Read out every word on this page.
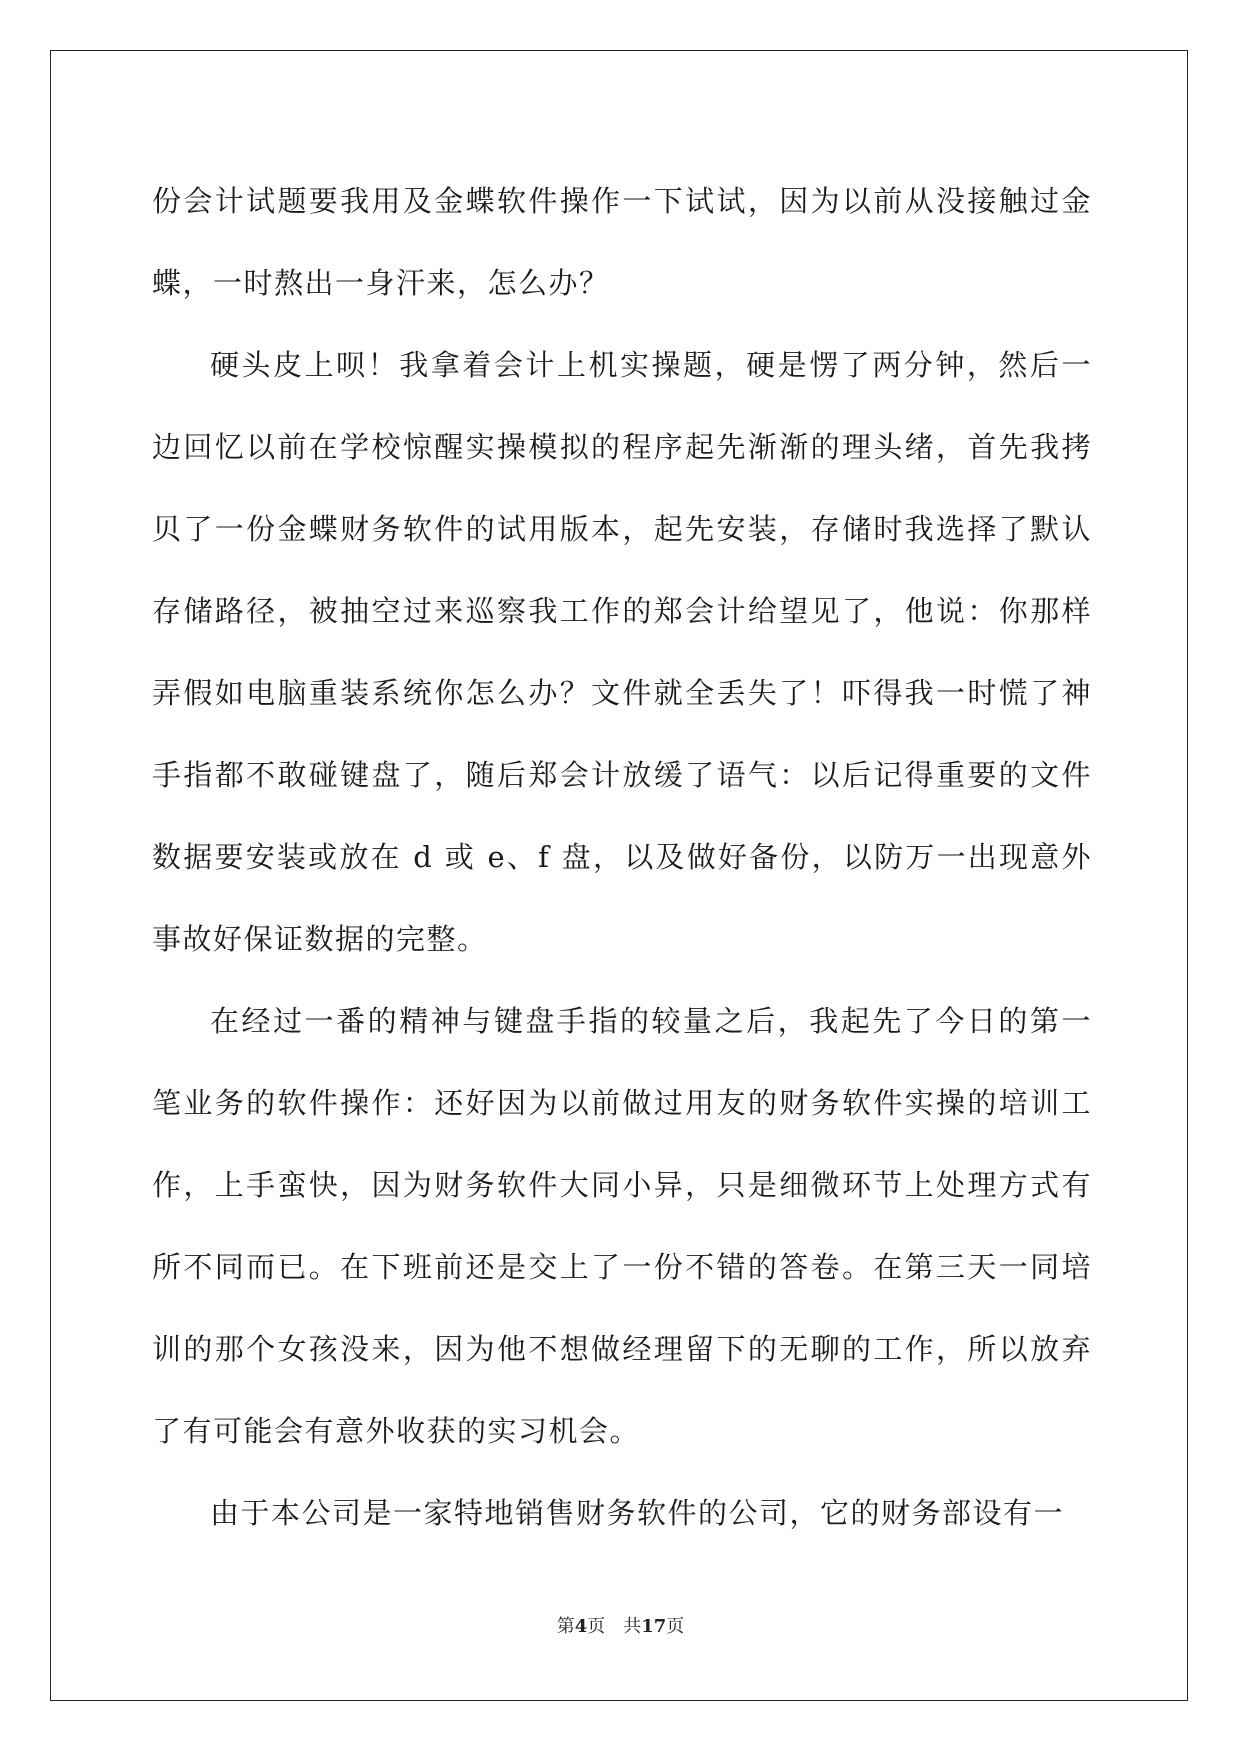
份会计试题要我用及金蝶软件操作一下试试，因为以前从没接触过金蝶，一时熬出一身汗来，怎么办？

硬头皮上呗！我拿着会计上机实操题，硬是愣了两分钟，然后一边回忆以前在学校惊醒实操模拟的程序起先渐渐的理头绪，首先我拷贝了一份金蝶财务软件的试用版本，起先安装，存储时我选择了默认存储路径，被抽空过来巡察我工作的郑会计给望见了，他说：你那样弄假如电脑重装系统你怎么办？文件就全丢失了！吓得我一时慌了神手指都不敢碰键盘了，随后郑会计放缓了语气：以后记得重要的文件数据要安装或放在 d 或 e、f 盘，以及做好备份，以防万一出现意外事故好保证数据的完整。

在经过一番的精神与键盘手指的较量之后，我起先了今日的第一笔业务的软件操作：还好因为以前做过用友的财务软件实操的培训工作，上手蛮快，因为财务软件大同小异，只是细微环节上处理方式有所不同而已。在下班前还是交上了一份不错的答卷。在第三天一同培训的那个女孩没来，因为他不想做经理留下的无聊的工作，所以放弃了有可能会有意外收获的实习机会。

由于本公司是一家特地销售财务软件的公司，它的财务部设有一

第4页 共17页
